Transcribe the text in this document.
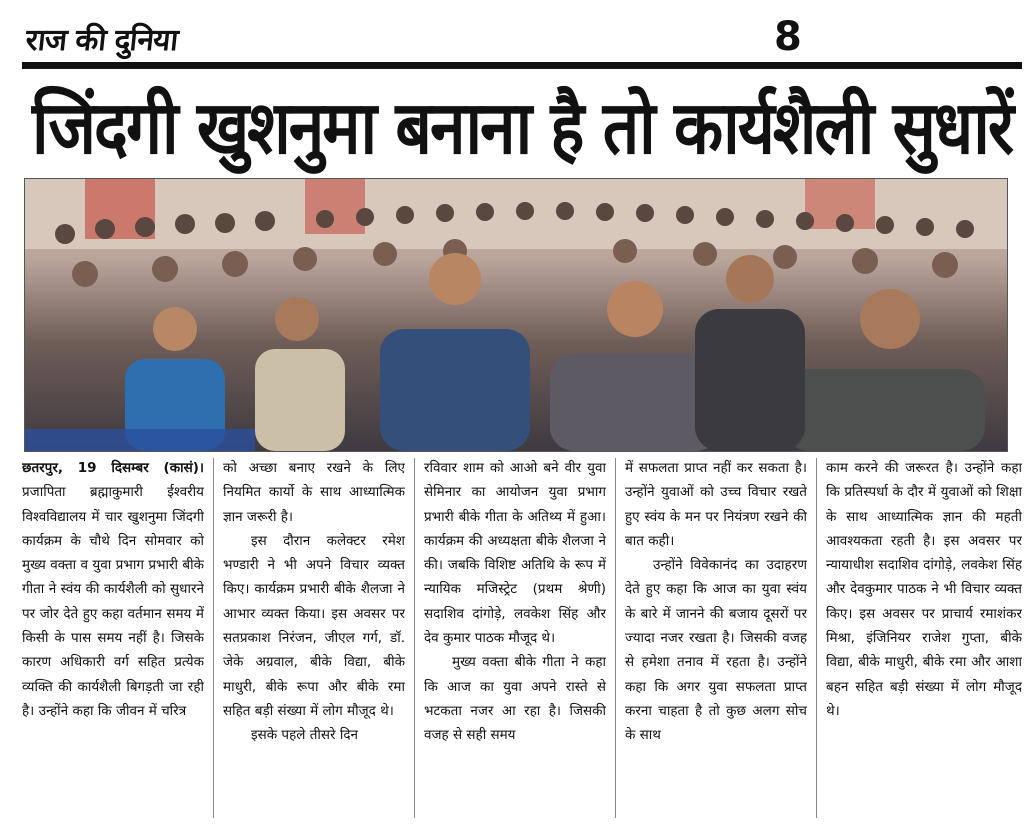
राज की दुनिया	8
जिंदगी खुशनुमा बनाना है तो कार्यशैली सुधारें

छतरपुर, 19 दिसम्बर (कासं)। प्रजापिता ब्रह्माकुमारी ईश्वरीय विश्वविद्यालय में चार खुशनुमा जिंदगी कार्यक्रम के चौथे दिन सोमवार को मुख्य वक्ता व युवा प्रभाग प्रभारी बीके गीता ने स्वंय की कार्यशैली को सुधारने पर जोर देते हुए कहा वर्तमान समय में किसी के पास समय नहीं है। जिसके कारण अधिकारी वर्ग सहित प्रत्येक व्यक्ति की कार्यशैली बिगड़ती जा रही है। उन्होंने कहा कि जीवन में चरित्र

को अच्छा बनाए रखने के लिए नियमित कार्यो के साथ आध्यात्मिक ज्ञान जरूरी है।

इस दौरान कलेक्टर रमेश भण्डारी ने भी अपने विचार व्यक्त किए। कार्यक्रम प्रभारी बीके शैलजा ने आभार व्यक्त किया। इस अवसर पर सतप्रकाश निरंजन, जीएल गर्ग, डॉ. जेके अग्रवाल, बीके विद्या, बीके माधुरी, बीके रूपा और बीके रमा सहित बड़ी संख्या में लोग मौजूद थे।

इसके पहले तीसरे दिन

रविवार शाम को आओ बने वीर युवा सेमिनार का आयोजन युवा प्रभाग प्रभारी बीके गीता के अतिथ्य में हुआ। कार्यक्रम की अध्यक्षता बीके शैलजा ने की। जबकि विशिष्ट अतिथि के रूप में न्यायिक मजिस्ट्रेट (प्रथम श्रेणी) सदाशिव दांगोड़े, लवकेश सिंह और देव कुमार पाठक मौजूद थे।

मुख्य वक्ता बीके गीता ने कहा कि आज का युवा अपने रास्ते से भटकता नजर आ रहा है। जिसकी वजह से सही समय

में सफलता प्राप्त नहीं कर सकता है। उन्होंने युवाओं को उच्च विचार रखते हुए स्वंय के मन पर नियंत्रण रखने की बात कही।

उन्होंने विवेकानंद का उदाहरण देते हुए कहा कि आज का युवा स्वंय के बारे में जानने की बजाय दूसरों पर ज्यादा नजर रखता है। जिसकी वजह से हमेशा तनाव में रहता है। उन्होंने कहा कि अगर युवा सफलता प्राप्त करना चाहता है तो कुछ अलग सोच के साथ

काम करने की जरूरत है। उन्होंने कहा कि प्रतिस्पर्धा के दौर में युवाओं को शिक्षा के साथ आध्यात्मिक ज्ञान की महती आवश्यकता रहती है। इस अवसर पर न्यायाधीश सदाशिव दांगोड़े, लवकेश सिंह और देवकुमार पाठक ने भी विचार व्यक्त किए। इस अवसर पर प्राचार्य रमाशंकर मिश्रा, इंजिनियर राजेश गुप्ता, बीके विद्या, बीके माधुरी, बीके रमा और आशा बहन सहित बड़ी संख्या में लोग मौजूद थे।
